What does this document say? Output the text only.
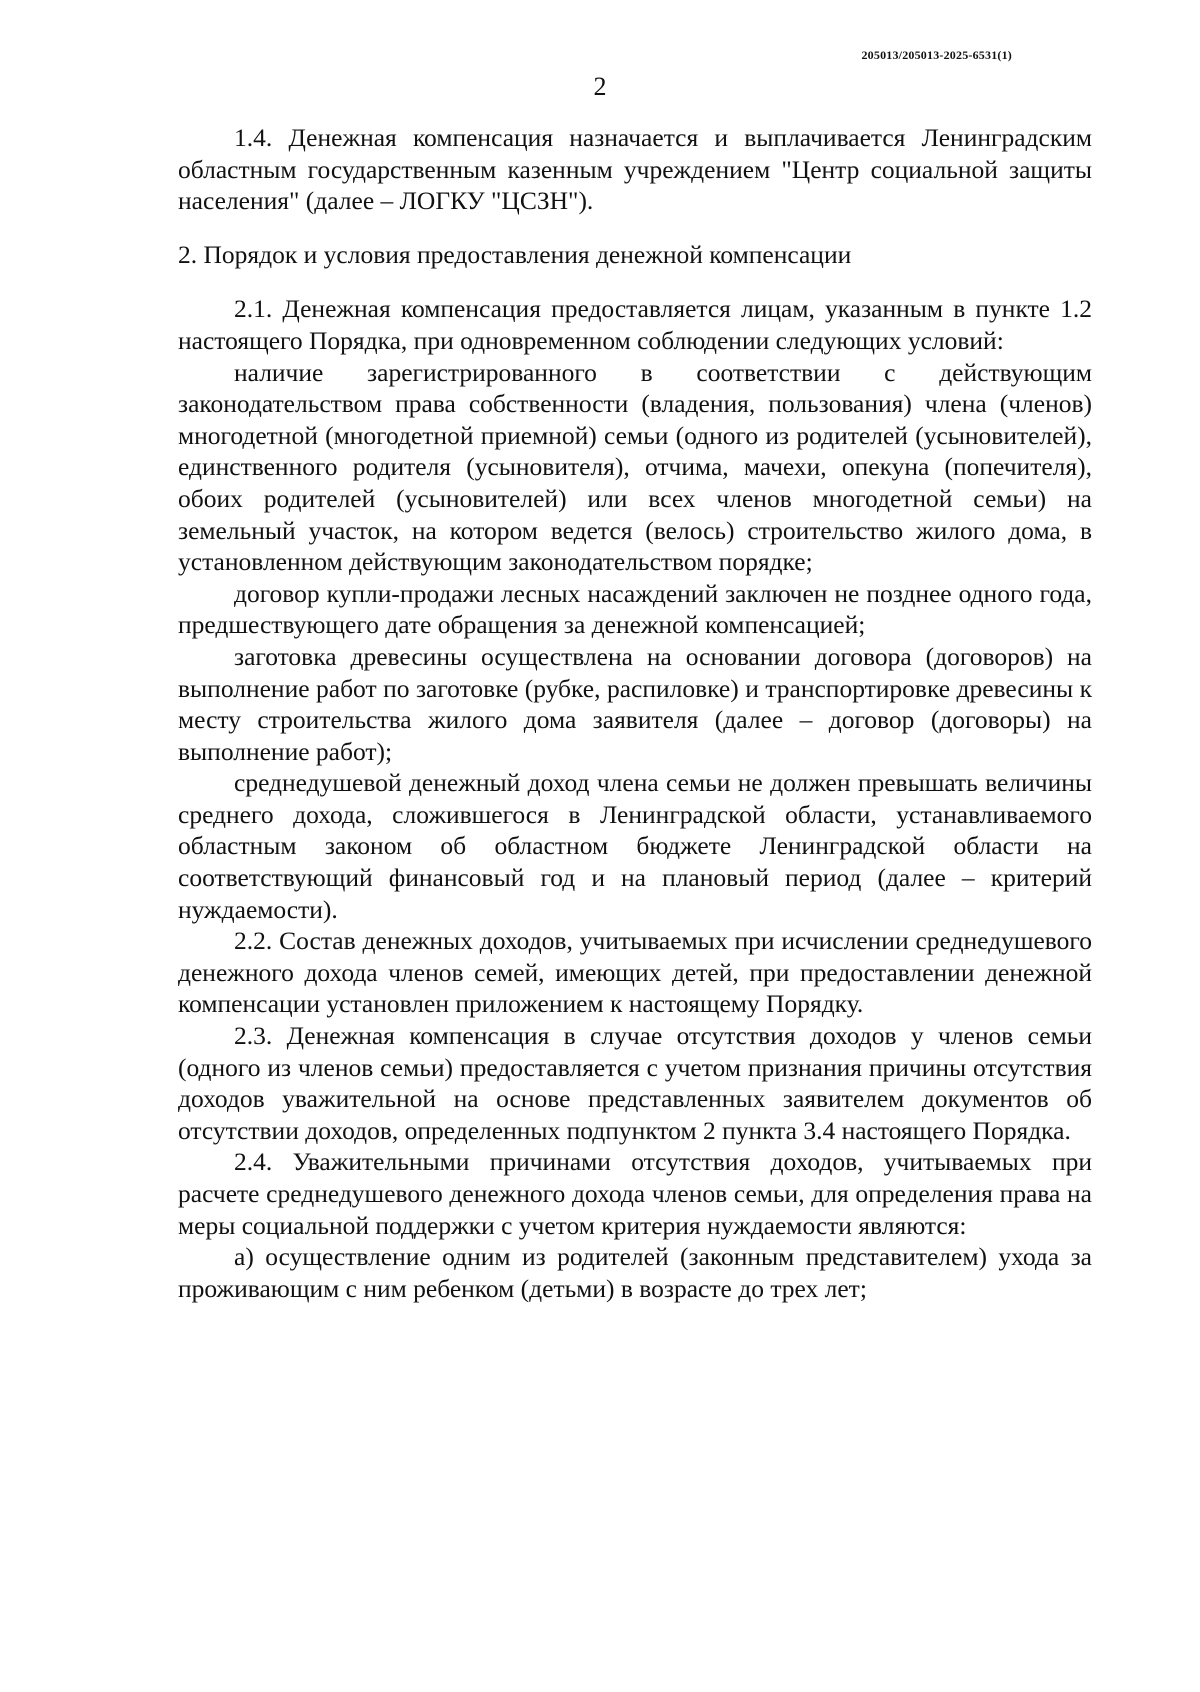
205013/205013-2025-6531(1)
2

1.4. Денежная компенсация назначается и выплачивается Ленинградским областным государственным казенным учреждением "Центр социальной защиты населения" (далее – ЛОГКУ "ЦСЗН").

2. Порядок и условия предоставления денежной компенсации

2.1. Денежная компенсация предоставляется лицам, указанным в пункте 1.2 настоящего Порядка, при одновременном соблюдении следующих условий:

наличие зарегистрированного в соответствии с действующим законодательством права собственности (владения, пользования) члена (членов) многодетной (многодетной приемной) семьи (одного из родителей (усыновителей), единственного родителя (усыновителя), отчима, мачехи, опекуна (попечителя), обоих родителей (усыновителей) или всех членов многодетной семьи) на земельный участок, на котором ведется (велось) строительство жилого дома, в установленном действующим законодательством порядке;

договор купли-продажи лесных насаждений заключен не позднее одного года, предшествующего дате обращения за денежной компенсацией;

заготовка древесины осуществлена на основании договора (договоров) на выполнение работ по заготовке (рубке, распиловке) и транспортировке древесины к месту строительства жилого дома заявителя (далее – договор (договоры) на выполнение работ);

среднедушевой денежный доход члена семьи не должен превышать величины среднего дохода, сложившегося в Ленинградской области, устанавливаемого областным законом об областном бюджете Ленинградской области на соответствующий финансовый год и на плановый период (далее – критерий нуждаемости).

2.2. Состав денежных доходов, учитываемых при исчислении среднедушевого денежного дохода членов семей, имеющих детей, при предоставлении денежной компенсации установлен приложением к настоящему Порядку.

2.3. Денежная компенсация в случае отсутствия доходов у членов семьи (одного из членов семьи) предоставляется с учетом признания причины отсутствия доходов уважительной на основе представленных заявителем документов об отсутствии доходов, определенных подпунктом 2 пункта 3.4 настоящего Порядка.

2.4. Уважительными причинами отсутствия доходов, учитываемых при расчете среднедушевого денежного дохода членов семьи, для определения права на меры социальной поддержки с учетом критерия нуждаемости являются:

а) осуществление одним из родителей (законным представителем) ухода за проживающим с ним ребенком (детьми) в возрасте до трех лет;
